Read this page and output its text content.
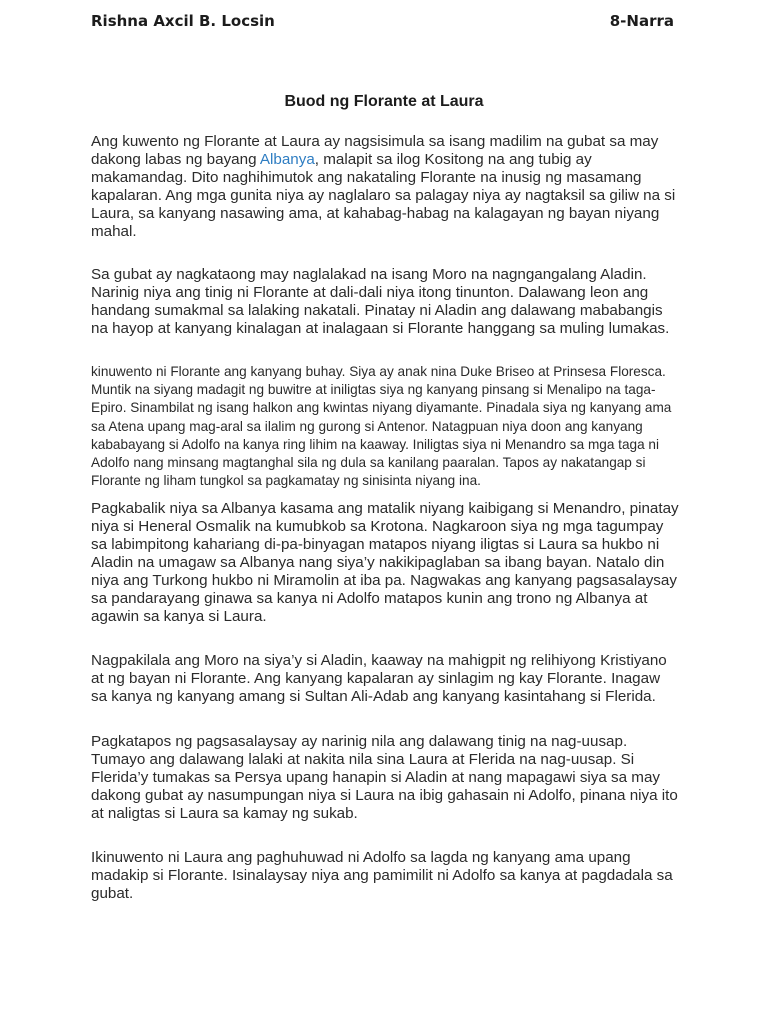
Rishna Axcil B. Locsin	8-Narra
Buod ng Florante at Laura

Ang kuwento ng Florante at Laura ay nagsisimula sa isang madilim na gubat sa may dakong labas ng bayang Albanya, malapit sa ilog Kositong na ang tubig ay makamandag. Dito naghihimutok ang nakataling Florante na inusig ng masamang kapalaran. Ang mga gunita niya ay naglalaro sa palagay niya ay nagtaksil sa giliw na si Laura, sa kanyang nasawing ama, at kahabag-habag na kalagayan ng bayan niyang mahal.

Sa gubat ay nagkataong may naglalakad na isang Moro na nagngangalang Aladin. Narinig niya ang tinig ni Florante at dali-dali niya itong tinunton. Dalawang leon ang handang sumakmal sa lalaking nakatali. Pinatay ni Aladin ang dalawang mababangis na hayop at kanyang kinalagan at inalagaan si Florante hanggang sa muling lumakas.

kinuwento ni Florante ang kanyang buhay. Siya ay anak nina Duke Briseo at Prinsesa Floresca. Muntik na siyang madagit ng buwitre at iniligtas siya ng kanyang pinsang si Menalipo na taga-Epiro. Sinambilat ng isang halkon ang kwintas niyang diyamante. Pinadala siya ng kanyang ama sa Atena upang mag-aral sa ilalim ng gurong si Antenor. Natagpuan niya doon ang kanyang kababayang si Adolfo na kanya ring lihim na kaaway. Iniligtas siya ni Menandro sa mga taga ni Adolfo nang minsang magtanghal sila ng dula sa kanilang paaralan. Tapos ay nakatangap si Florante ng liham tungkol sa pagkamatay ng sinisinta niyang ina.

Pagkabalik niya sa Albanya kasama ang matalik niyang kaibigang si Menandro, pinatay niya si Heneral Osmalik na kumubkob sa Krotona. Nagkaroon siya ng mga tagumpay sa labimpitong kahariang di-pa-binyagan matapos niyang iligtas si Laura sa hukbo ni Aladin na umagaw sa Albanya nang siya’y nakikipaglaban sa ibang bayan. Natalo din niya ang Turkong hukbo ni Miramolin at iba pa. Nagwakas ang kanyang pagsasalaysay sa pandarayang ginawa sa kanya ni Adolfo matapos kunin ang trono ng Albanya at agawin sa kanya si Laura.

Nagpakilala ang Moro na siya’y si Aladin, kaaway na mahigpit ng relihiyong Kristiyano at ng bayan ni Florante. Ang kanyang kapalaran ay sinlagim ng kay Florante. Inagaw sa kanya ng kanyang amang si Sultan Ali-Adab ang kanyang kasintahang si Flerida.

Pagkatapos ng pagsasalaysay ay narinig nila ang dalawang tinig na nag-uusap. Tumayo ang dalawang lalaki at nakita nila sina Laura at Flerida na nag-uusap. Si Flerida’y tumakas sa Persya upang hanapin si Aladin at nang mapagawi siya sa may dakong gubat ay nasumpungan niya si Laura na ibig gahasain ni Adolfo, pinana niya ito at naligtas si Laura sa kamay ng sukab.

Ikinuwento ni Laura ang paghuhuwad ni Adolfo sa lagda ng kanyang ama upang madakip si Florante. Isinalaysay niya ang pamimilit ni Adolfo sa kanya at pagdadala sa gubat.
